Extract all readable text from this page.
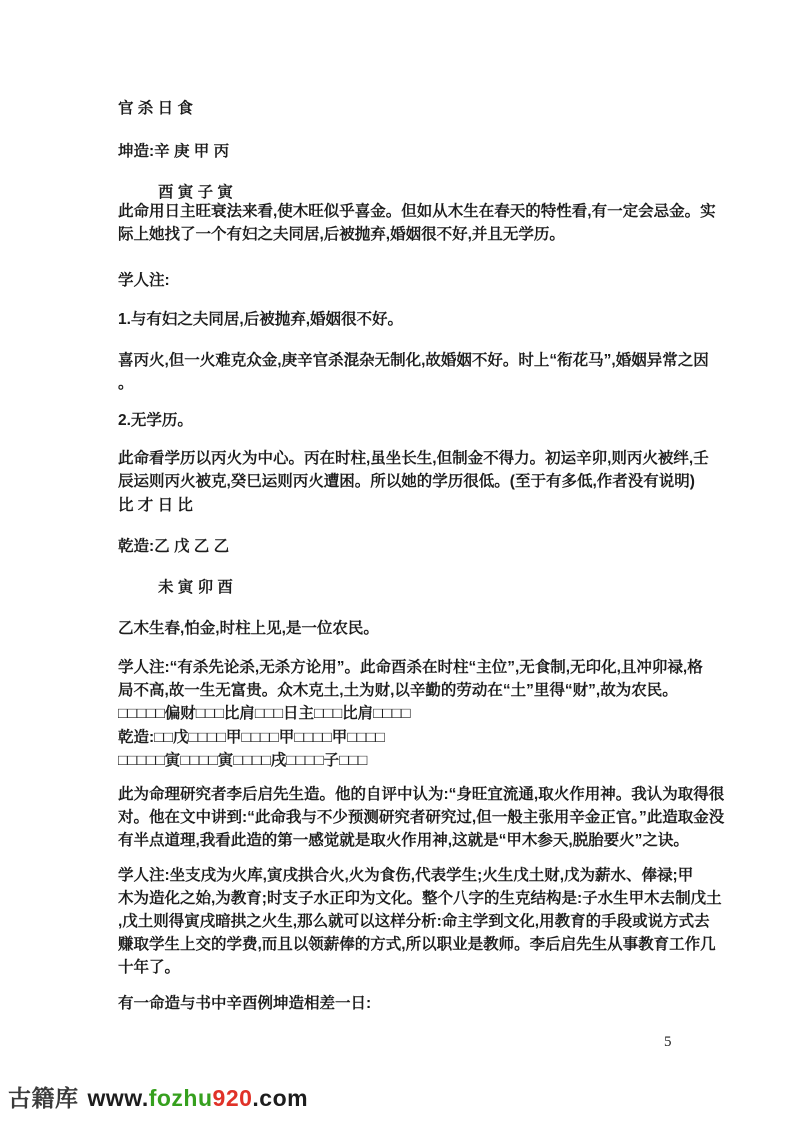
官 杀 日 食
坤造:辛 庚 甲 丙
酉 寅 子 寅
此命用日主旺衰法来看,使木旺似乎喜金。但如从木生在春天的特性看,有一定会忌金。实
际上她找了一个有妇之夫同居,后被抛弃,婚姻很不好,并且无学历。
学人注:
1.与有妇之夫同居,后被抛弃,婚姻很不好。
喜丙火,但一火难克众金,庚辛官杀混杂无制化,故婚姻不好。时上“衔花马”,婚姻异常之因
。
2.无学历。
此命看学历以丙火为中心。丙在时柱,虽坐长生,但制金不得力。初运辛卯,则丙火被绊,壬
辰运则丙火被克,癸巳运则丙火遭困。所以她的学历很低。(至于有多低,作者没有说明)
比 才 日 比
乾造:乙 戊 乙 乙
未 寅 卯 酉
乙木生春,怕金,时柱上见,是一位农民。
学人注:“有杀先论杀,无杀方论用”。此命酉杀在时柱“主位”,无食制,无印化,且冲卯禄,格
局不高,故一生无富贵。众木克土,土为财,以辛勤的劳动在“土”里得“财”,故为农民。
□□□□□偏财□□□比肩□□□日主□□□比肩□□□□
乾造:□□戊□□□□甲□□□□甲□□□□甲□□□□
□□□□□寅□□□□寅□□□□戌□□□□子□□□
此为命理研究者李后启先生造。他的自评中认为:“身旺宜流通,取火作用神。我认为取得很
对。他在文中讲到:“此命我与不少预测研究者研究过,但一般主张用辛金正官。”此造取金没
有半点道理,我看此造的第一感觉就是取火作用神,这就是“甲木参天,脱胎要火”之诀。
学人注:坐支戌为火库,寅戌拱合火,火为食伤,代表学生;火生戊土财,戊为薪水、俸禄;甲
木为造化之始,为教育;时支子水正印为文化。整个八字的生克结构是:子水生甲木去制戊土
,戊土则得寅戌暗拱之火生,那么就可以这样分析:命主学到文化,用教育的手段或说方式去
赚取学生上交的学费,而且以领薪俸的方式,所以职业是教师。李后启先生从事教育工作几
十年了。
有一命造与书中辛酉例坤造相差一日:
5
古籍库 www.fozhu920.com
